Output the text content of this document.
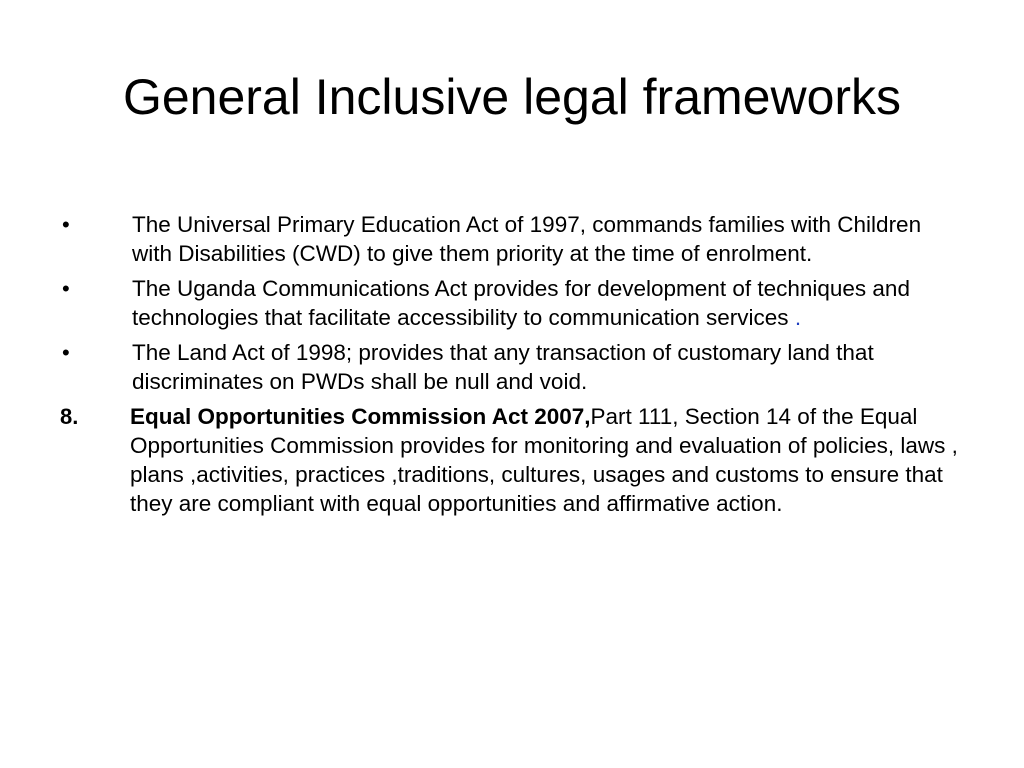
General Inclusive legal frameworks
•	The Universal Primary Education Act of 1997, commands families with Children with Disabilities (CWD) to give them priority at the time of enrolment.
•	The Uganda Communications Act provides for development of techniques and technologies that facilitate accessibility to communication services .
•	The Land Act of 1998; provides that any transaction of customary land that discriminates on PWDs shall be null and void.
8.	Equal Opportunities Commission Act 2007,Part 111, Section 14 of the Equal Opportunities Commission provides for monitoring and evaluation of policies, laws , plans ,activities, practices ,traditions, cultures, usages and customs to ensure that they are compliant with equal opportunities and affirmative action.
